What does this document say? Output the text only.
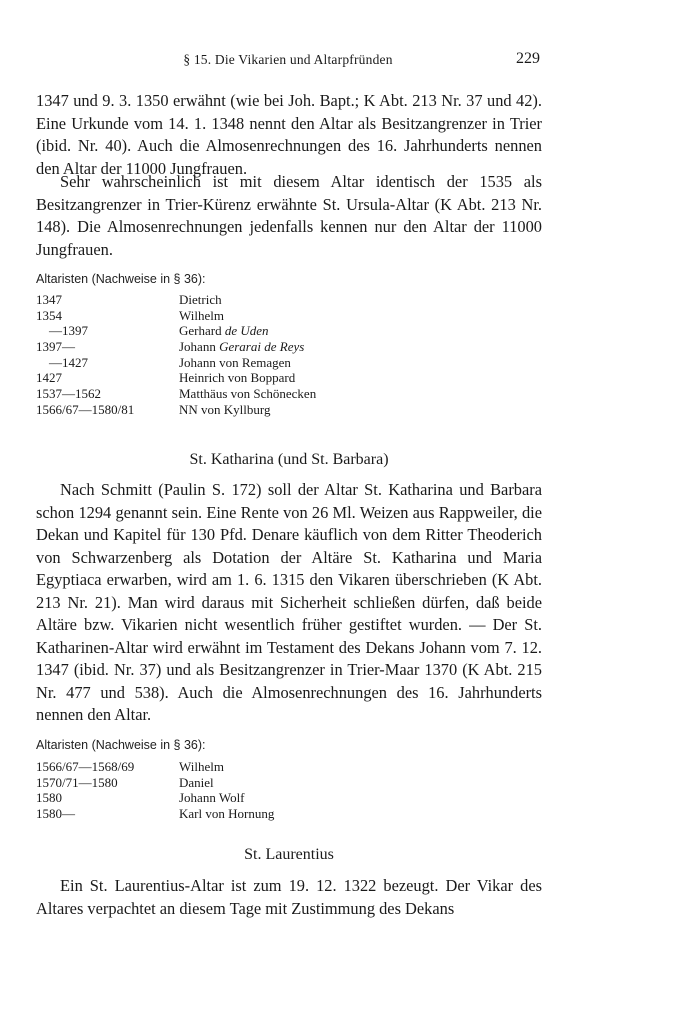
§ 15. Die Vikarien und Altarpfründen	229

1347 und 9. 3. 1350 erwähnt (wie bei Joh. Bapt.; K Abt. 213 Nr. 37 und 42). Eine Urkunde vom 14. 1. 1348 nennt den Altar als Besitzangrenzer in Trier (ibid. Nr. 40). Auch die Almosenrechnungen des 16. Jahrhunderts nennen den Altar der 11000 Jungfrauen.

Sehr wahrscheinlich ist mit diesem Altar identisch der 1535 als Besitzangrenzer in Trier-Kürenz erwähnte St. Ursula-Altar (K Abt. 213 Nr. 148). Die Almosenrechnungen jedenfalls kennen nur den Altar der 11000 Jungfrauen.

Altaristen (Nachweise in § 36):
1347	Dietrich
1354	Wilhelm
—1397	Gerhard de Uden
1397—	Johann Gerarai de Reys
—1427	Johann von Remagen
1427	Heinrich von Boppard
1537—1562	Matthäus von Schönecken
1566/67—1580/81	NN von Kyllburg
St. Katharina (und St. Barbara)

Nach Schmitt (Paulin S. 172) soll der Altar St. Katharina und Barbara schon 1294 genannt sein. Eine Rente von 26 Ml. Weizen aus Rappweiler, die Dekan und Kapitel für 130 Pfd. Denare käuflich von dem Ritter Theoderich von Schwarzenberg als Dotation der Altäre St. Katharina und Maria Egyptiaca erwarben, wird am 1. 6. 1315 den Vikaren überschrieben (K Abt. 213 Nr. 21). Man wird daraus mit Sicherheit schließen dürfen, daß beide Altäre bzw. Vikarien nicht wesentlich früher gestiftet wurden. — Der St. Katharinen-Altar wird erwähnt im Testament des Dekans Johann vom 7. 12. 1347 (ibid. Nr. 37) und als Besitzangrenzer in Trier-Maar 1370 (K Abt. 215 Nr. 477 und 538). Auch die Almosenrechnungen des 16. Jahrhunderts nennen den Altar.

Altaristen (Nachweise in § 36):
1566/67—1568/69	Wilhelm
1570/71—1580	Daniel
1580	Johann Wolf
1580—	Karl von Hornung
St. Laurentius

Ein St. Laurentius-Altar ist zum 19. 12. 1322 bezeugt. Der Vikar des Altares verpachtet an diesem Tage mit Zustimmung des Dekans
